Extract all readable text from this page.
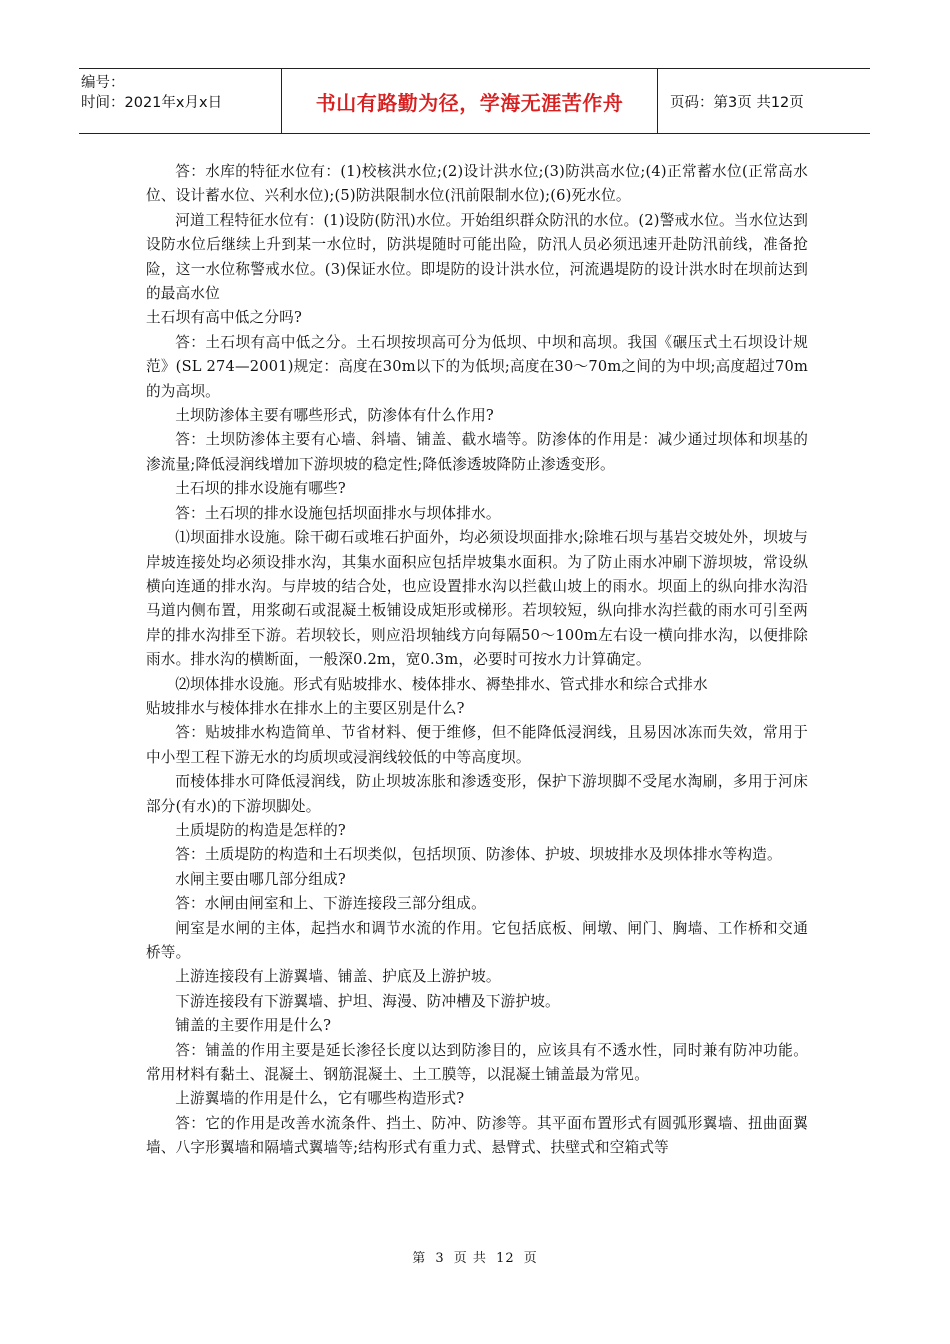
编号：
时间：2021年x月x日	书山有路勤为径，学海无涯苦作舟	页码：第3页 共12页

答：水库的特征水位有：(1)校核洪水位;(2)设计洪水位;(3)防洪高水位;(4)正常蓄水位(正常高水位、设计蓄水位、兴利水位);(5)防洪限制水位(汛前限制水位);(6)死水位。

河道工程特征水位有：(1)设防(防汛)水位。开始组织群众防汛的水位。(2)警戒水位。当水位达到设防水位后继续上升到某一水位时，防洪堤随时可能出险，防汛人员必须迅速开赴防汛前线，准备抢险，这一水位称警戒水位。(3)保证水位。即堤防的设计洪水位，河流遇堤防的设计洪水时在坝前达到的最高水位

土石坝有高中低之分吗?

答：土石坝有高中低之分。土石坝按坝高可分为低坝、中坝和高坝。我国《碾压式土石坝设计规范》(SL 274—2001)规定：高度在30m以下的为低坝;高度在30～70m之间的为中坝;高度超过70m的为高坝。

土坝防渗体主要有哪些形式，防渗体有什么作用?

答：土坝防渗体主要有心墙、斜墙、铺盖、截水墙等。防渗体的作用是：减少通过坝体和坝基的渗流量;降低浸润线增加下游坝坡的稳定性;降低渗透坡降防止渗透变形。

土石坝的排水设施有哪些?

答：土石坝的排水设施包括坝面排水与坝体排水。

⑴坝面排水设施。除干砌石或堆石护面外，均必须设坝面排水;除堆石坝与基岩交坡处外，坝坡与岸坡连接处均必须设排水沟，其集水面积应包括岸坡集水面积。为了防止雨水冲刷下游坝坡，常设纵横向连通的排水沟。与岸坡的结合处，也应设置排水沟以拦截山坡上的雨水。坝面上的纵向排水沟沿马道内侧布置，用浆砌石或混凝土板铺设成矩形或梯形。若坝较短，纵向排水沟拦截的雨水可引至两岸的排水沟排至下游。若坝较长，则应沿坝轴线方向每隔50～100m左右设一横向排水沟，以便排除雨水。排水沟的横断面，一般深0.2m，宽0.3m，必要时可按水力计算确定。

⑵坝体排水设施。形式有贴坡排水、棱体排水、褥垫排水、管式排水和综合式排水

贴坡排水与棱体排水在排水上的主要区别是什么?

答：贴坡排水构造简单、节省材料、便于维修，但不能降低浸润线，且易因冰冻而失效，常用于中小型工程下游无水的均质坝或浸润线较低的中等高度坝。

而棱体排水可降低浸润线，防止坝坡冻胀和渗透变形，保护下游坝脚不受尾水淘刷，多用于河床部分(有水)的下游坝脚处。

土质堤防的构造是怎样的?

答：土质堤防的构造和土石坝类似，包括坝顶、防渗体、护坡、坝坡排水及坝体排水等构造。

水闸主要由哪几部分组成?

答：水闸由闸室和上、下游连接段三部分组成。

闸室是水闸的主体，起挡水和调节水流的作用。它包括底板、闸墩、闸门、胸墙、工作桥和交通桥等。

上游连接段有上游翼墙、铺盖、护底及上游护坡。

下游连接段有下游翼墙、护坦、海漫、防冲槽及下游护坡。

铺盖的主要作用是什么?

答：铺盖的作用主要是延长渗径长度以达到防渗目的，应该具有不透水性，同时兼有防冲功能。常用材料有黏土、混凝土、钢筋混凝土、土工膜等，以混凝土铺盖最为常见。

上游翼墙的作用是什么，它有哪些构造形式?

答：它的作用是改善水流条件、挡土、防冲、防渗等。其平面布置形式有圆弧形翼墙、扭曲面翼墙、八字形翼墙和隔墙式翼墙等;结构形式有重力式、悬臂式、扶壁式和空箱式等

第 3 页 共 12 页
